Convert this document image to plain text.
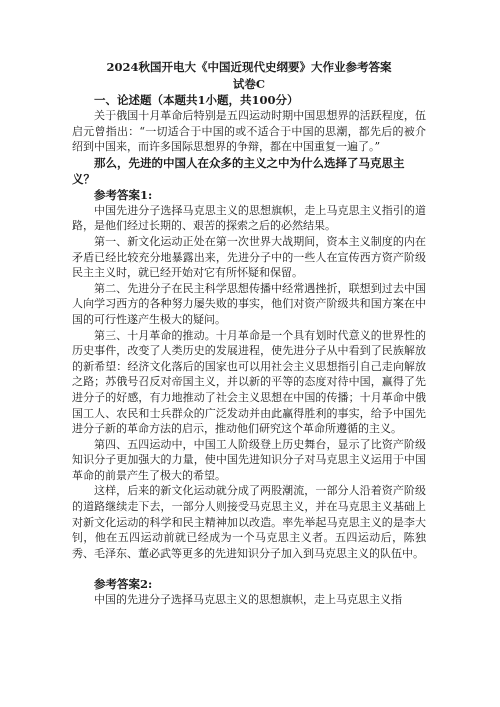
2024秋国开电大《中国近现代史纲要》大作业参考答案
试卷C
一、论述题（本题共1小题，共100分）

关于俄国十月革命后特别是五四运动时期中国思想界的活跃程度，伍启元曾指出：“一切适合于中国的或不适合于中国的思潮，都先后的被介绍到中国来，而许多国际思想界的争辩，都在中国重复一遍了。”

那么，先进的中国人在众多的主义之中为什么选择了马克思主义？

参考答案1:

中国先进分子选择马克思主义的思想旗帜，走上马克思主义指引的道路，是他们经过长期的、艰苦的探索之后的必然结果。

第一、新文化运动正处在第一次世界大战期间，资本主义制度的内在矛盾已经比较充分地暴露出来，先进分子中的一些人在宣传西方资产阶级民主主义时，就已经开始对它有所怀疑和保留。

第二、先进分子在民主科学思想传播中经常遇挫折，联想到过去中国人向学习西方的各种努力屡失败的事实，他们对资产阶级共和国方案在中国的可行性遂产生极大的疑问。

第三、十月革命的推动。十月革命是一个具有划时代意义的世界性的历史事件，改变了人类历史的发展进程，使先进分子从中看到了民族解放的新希望：经济文化落后的国家也可以用社会主义思想指引自己走向解放之路；苏俄号召反对帝国主义，并以新的平等的态度对待中国，赢得了先进分子的好感，有力地推动了社会主义思想在中国的传播；十月革命中俄国工人、农民和士兵群众的广泛发动并由此赢得胜利的事实，给予中国先进分子新的革命方法的启示，推动他们研究这个革命所遵循的主义。

第四、五四运动中，中国工人阶级登上历史舞台，显示了比资产阶级知识分子更加强大的力量，使中国先进知识分子对马克思主义运用于中国革命的前景产生了极大的希望。

这样，后来的新文化运动就分成了两股潮流，一部分人沿着资产阶级的道路继续走下去，一部分人则接受马克思主义，并在马克思主义基础上对新文化运动的科学和民主精神加以改造。率先举起马克思主义的是李大钊，他在五四运动前就已经成为一个马克思主义者。五四运动后，陈独秀、毛泽东、董必武等更多的先进知识分子加入到马克思主义的队伍中。

参考答案2:

中国的先进分子选择马克思主义的思想旗帜，走上马克思主义指
